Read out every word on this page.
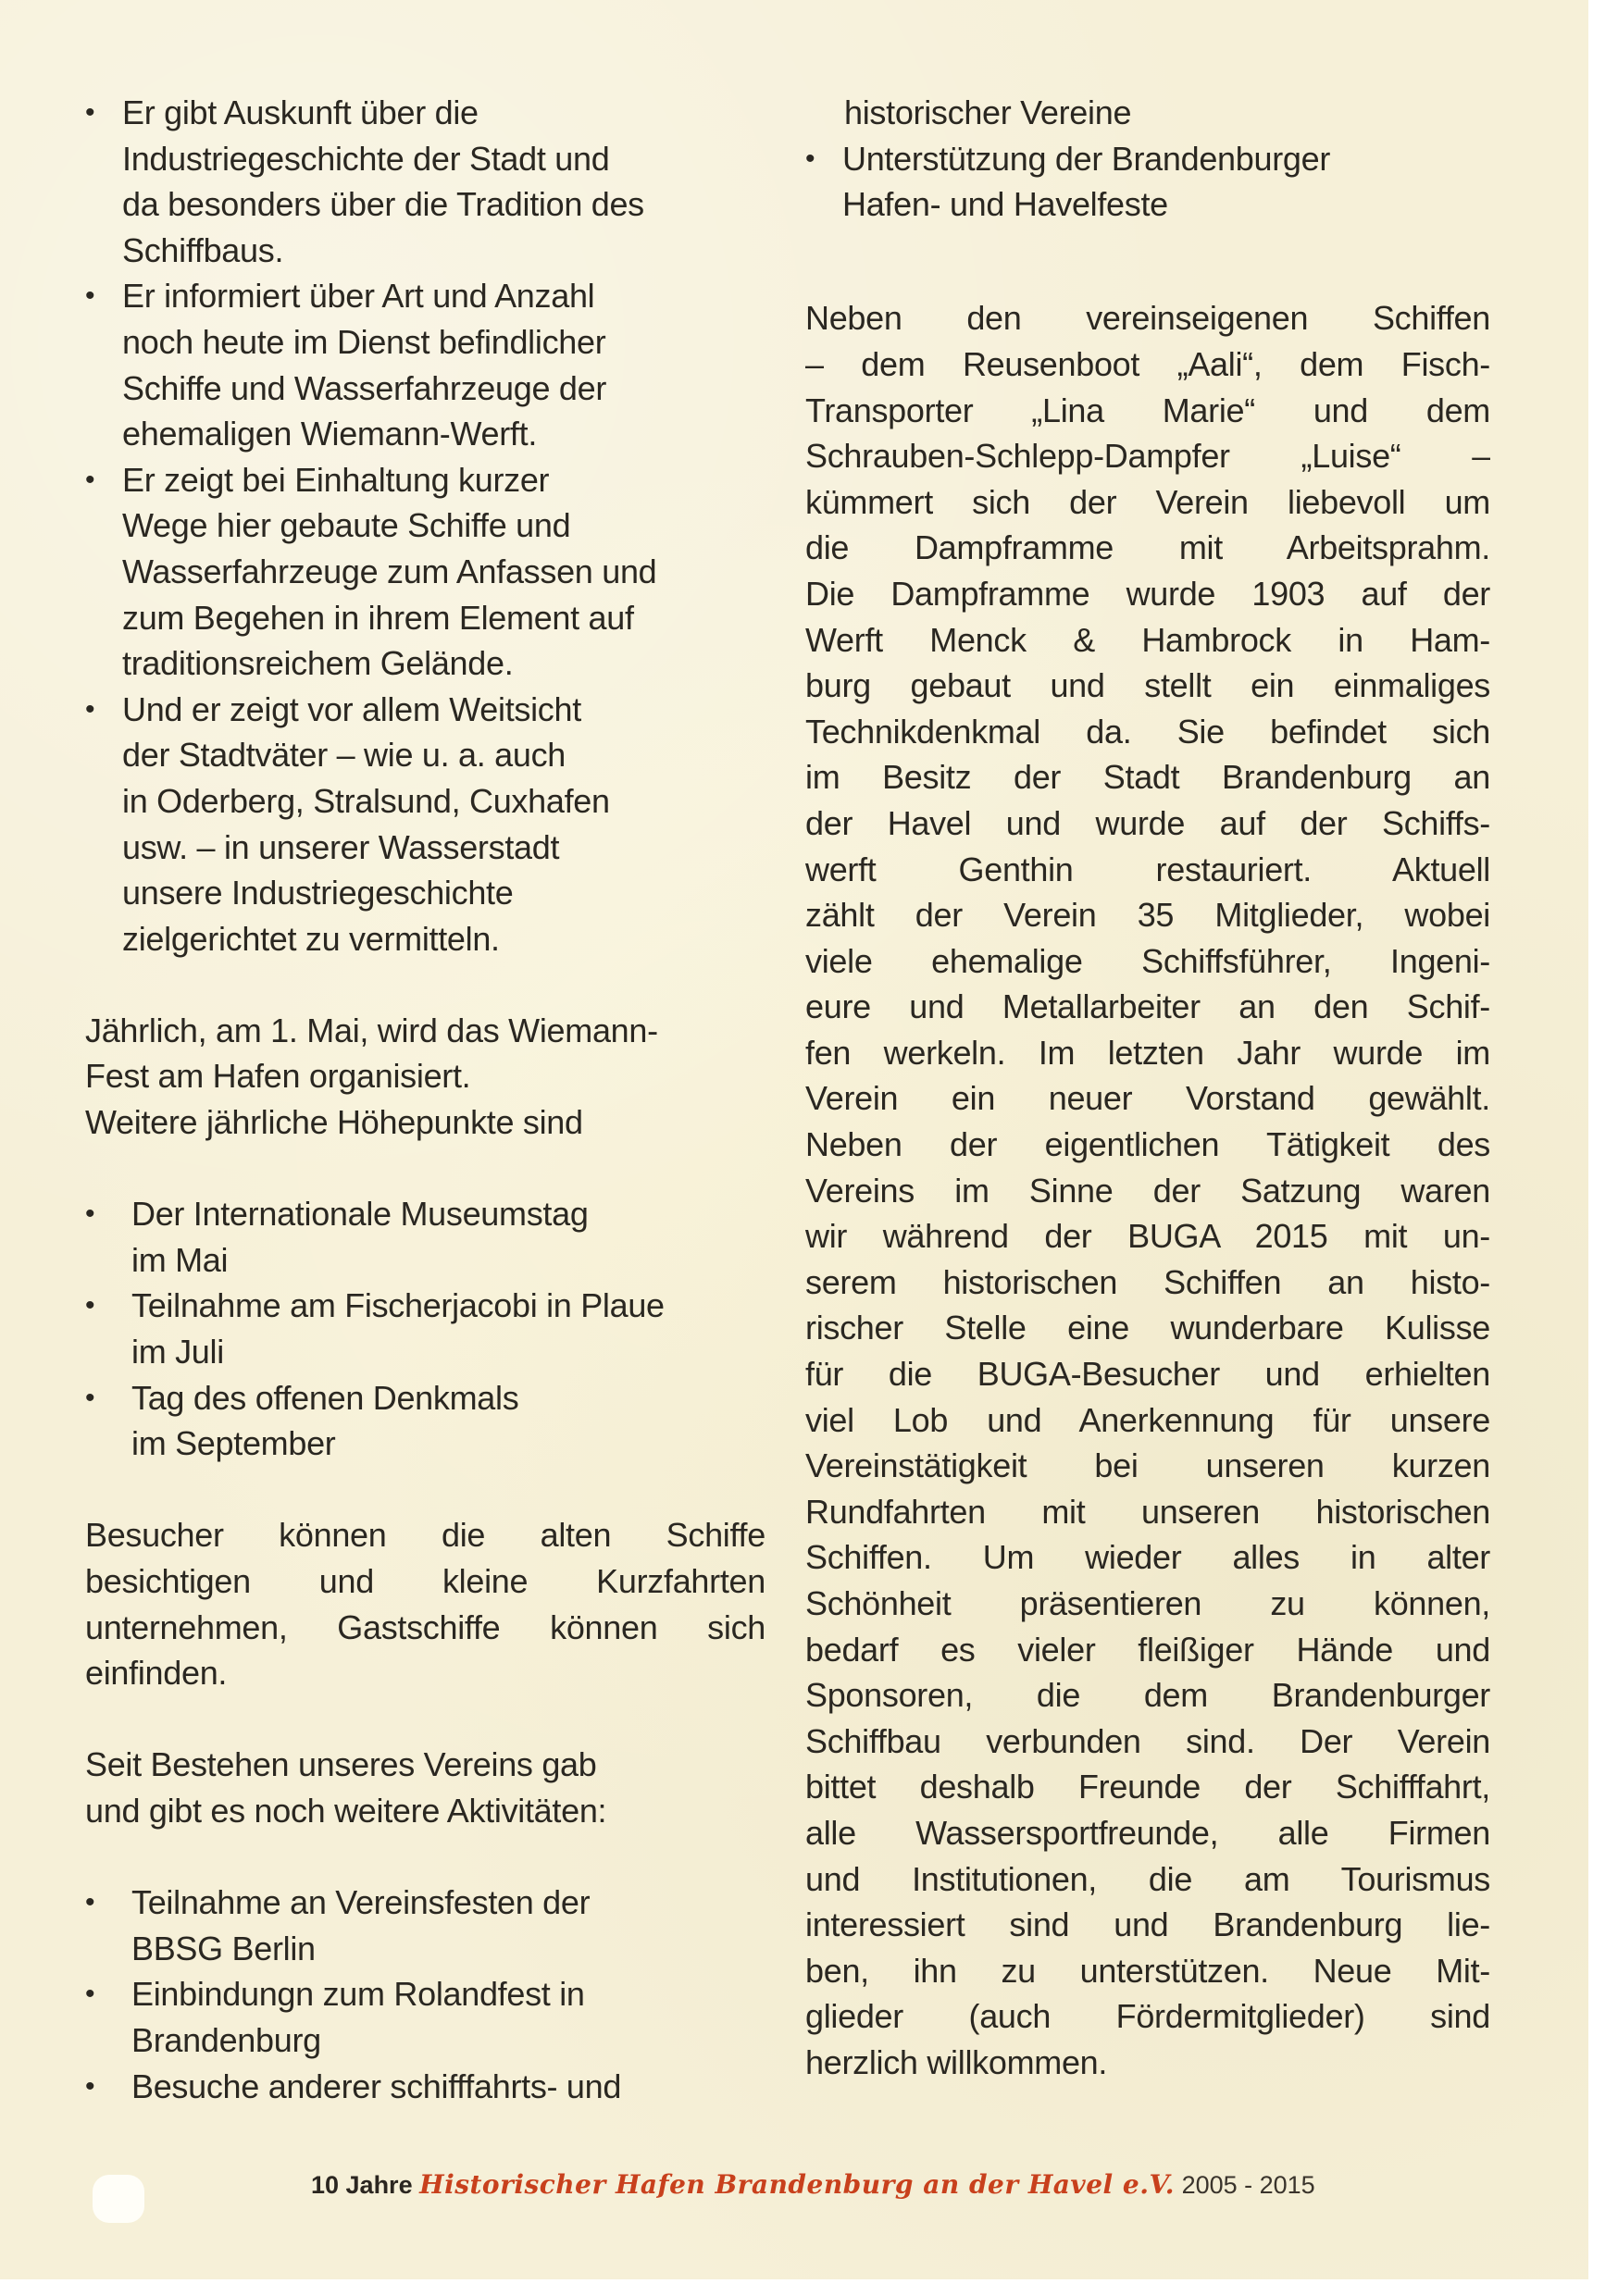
• Er gibt Auskunft über die
Industriegeschichte der Stadt und
da besonders über die Tradition des
Schiffbaus.
• Er informiert über Art und Anzahl
noch heute im Dienst befindlicher
Schiffe und Wasserfahrzeuge der
ehemaligen Wiemann-Werft.
• Er zeigt bei Einhaltung kurzer
Wege hier gebaute Schiffe und
Wasserfahrzeuge zum Anfassen und
zum Begehen in ihrem Element auf
traditionsreichem Gelände.
• Und er zeigt vor allem Weitsicht
der Stadtväter – wie u. a. auch
in Oderberg, Stralsund, Cuxhafen
usw. – in unserer Wasserstadt
unsere Industriegeschichte
zielgerichtet zu vermitteln.
Jährlich, am 1. Mai, wird das Wiemann-
Fest am Hafen organisiert.
Weitere jährliche Höhepunkte sind
•	Der Internationale Museumstag
im Mai
•	Teilnahme am Fischerjacobi in Plaue
im Juli
•	Tag des offenen Denkmals
im September
Besucher können die alten Schiffe
besichtigen und kleine Kurzfahrten
unternehmen, Gastschiffe können sich
einfinden.
Seit Bestehen unseres Vereins gab
und gibt es noch weitere Aktivitäten:
•	Teilnahme an Vereinsfesten der
BBSG Berlin
•	Einbindungn zum Rolandfest in
Brandenburg
•	Besuche anderer schifffahrts- und
historischer Vereine
• Unterstützung der Brandenburger
Hafen- und Havelfeste
Neben den vereinseigenen Schiffen
– dem Reusenboot „Aali“, dem Fisch-
Transporter „Lina Marie“ und dem
Schrauben-Schlepp-Dampfer „Luise“ –
kümmert sich der Verein liebevoll um
die Dampframme mit Arbeitsprahm.
Die Dampframme wurde 1903 auf der
Werft Menck & Hambrock in Ham-
burg gebaut und stellt ein einmaliges
Technikdenkmal da. Sie befindet sich
im Besitz der Stadt Brandenburg an
der Havel und wurde auf der Schiffs-
werft Genthin restauriert. Aktuell
zählt der Verein 35 Mitglieder, wobei
viele ehemalige Schiffsführer, Ingeni-
eure und Metallarbeiter an den Schif-
fen werkeln. Im letzten Jahr wurde im
Verein ein neuer Vorstand gewählt.
Neben der eigentlichen Tätigkeit des
Vereins im Sinne der Satzung waren
wir während der BUGA 2015 mit un-
serem historischen Schiffen an histo-
rischer Stelle eine wunderbare Kulisse
für die BUGA-Besucher und erhielten
viel Lob und Anerkennung für unsere
Vereinstätigkeit bei unseren kurzen
Rundfahrten mit unseren historischen
Schiffen. Um wieder alles in alter
Schönheit präsentieren zu können,
bedarf es vieler fleißiger Hände und
Sponsoren, die dem Brandenburger
Schiffbau verbunden sind. Der Verein
bittet deshalb Freunde der Schifffahrt,
alle Wassersportfreunde, alle Firmen
und Institutionen, die am Tourismus
interessiert sind und Brandenburg lie-
ben, ihn zu unterstützen. Neue Mit-
glieder (auch Fördermitglieder) sind
herzlich willkommen.
10 Jahre Historischer Hafen Brandenburg an der Havel e.V. 2005 - 2015
